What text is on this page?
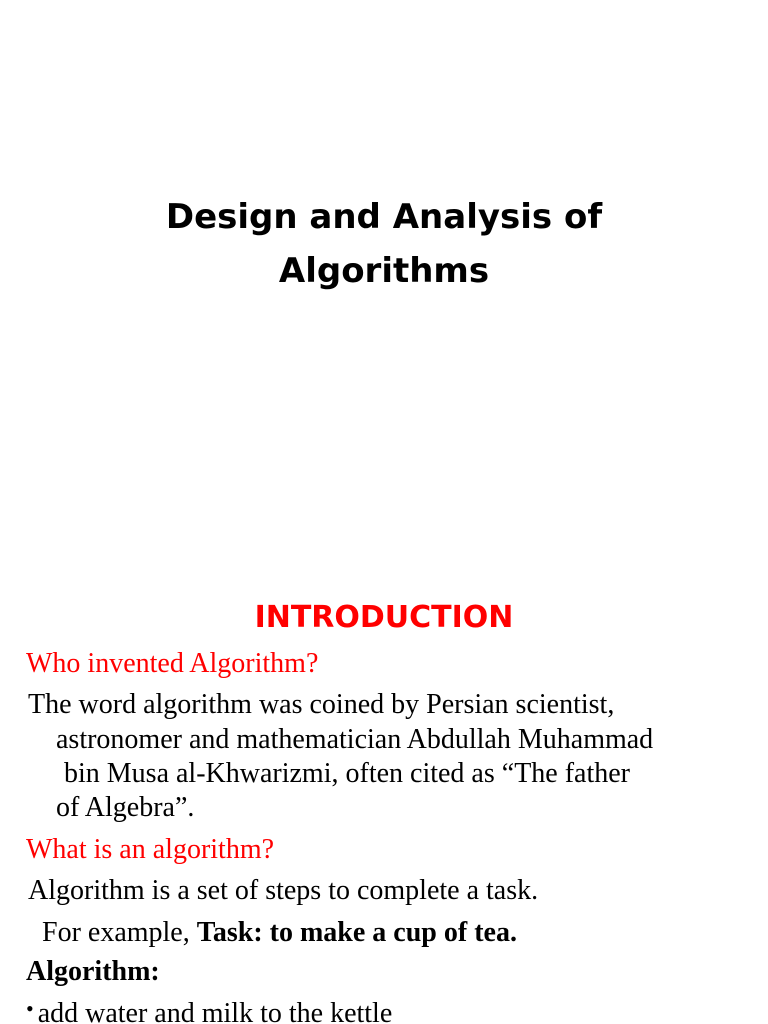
Design and Analysis of
Algorithms
INTRODUCTION

Who invented Algorithm?

The word algorithm was coined by Persian scientist,

astronomer and mathematician Abdullah Muhammad

bin Musa al-Khwarizmi, often cited as “The father

of Algebra”.

What is an algorithm?

Algorithm is a set of steps to complete a task.

For example, Task: to make a cup of tea.

Algorithm:

• add water and milk to the kettle
